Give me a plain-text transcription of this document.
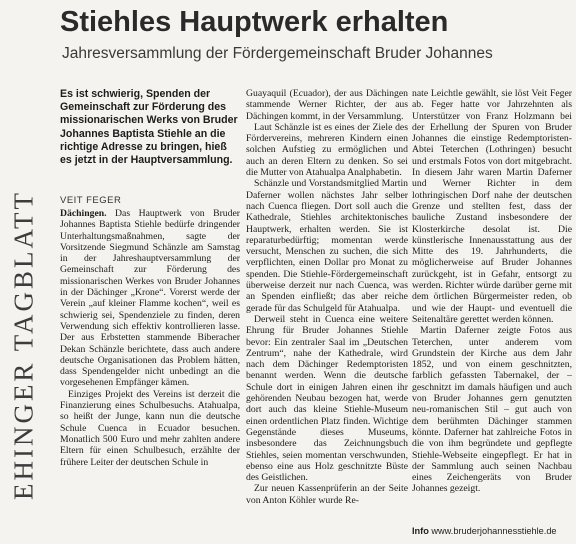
EHINGER TAGBLATT
Stiehles Hauptwerk erhalten
Jahresversammlung der Fördergemeinschaft Bruder Johannes
Es ist schwierig, Spenden der Gemeinschaft zur Förderung des missionarischen Werks von Bruder Johannes Baptista Stiehle an die richtige Adresse zu bringen, hieß es jetzt in der Hauptversammlung.
VEIT FEGER

Dächingen. Das Hauptwerk von Bruder Johannes Baptista Stiehle bedürfe dringender Unterhaltungsmaßnahmen, sagte der Vorsitzende Siegmund Schänzle am Samstag in der Jahreshauptversammlung der Gemeinschaft zur Förderung des missionarischen Werkes von Bruder Johannes in der Dächinger „Krone“. Vorerst werde der Verein „auf kleiner Flamme kochen“, weil es schwierig sei, Spendenziele zu finden, deren Verwendung sich effektiv kontrollieren lasse. Der aus Erbstetten stammende Biberacher Dekan Schänzle berichtete, dass auch andere deutsche Organisationen das Problem hätten, dass Spendengelder nicht unbedingt an die vorgesehenen Empfänger kämen.

Einziges Projekt des Vereins ist derzeit die Finanzierung eines Schulbesuchs. Atahualpa, so heißt der Junge, kann nun die deutsche Schule Cuenca in Ecuador besuchen. Monatlich 500 Euro und mehr zahlten andere Eltern für einen Schulbesuch, erzählte der frühere Leiter der deutschen Schule in

Guayaquil (Ecuador), der aus Dächingen stammende Werner Richter, der aus Dächingen kommt, in der Versammlung.

Laut Schänzle ist es eines der Ziele des Fördervereins, mehreren Kindern einen solchen Aufstieg zu ermöglichen und auch an deren Eltern zu denken. So sei die Mutter von Atahualpa Analphabetin.

Schänzle und Vorstandsmitglied Martin Daferner wollen nächstes Jahr selber nach Cuenca fliegen. Dort soll auch die Kathedrale, Stiehles architektonisches Hauptwerk, erhalten werden. Sie ist reparaturbedürftig; momentan werde versucht, Menschen zu suchen, die sich verpflichten, einen Dollar pro Monat zu spenden. Die Stiehle-Fördergemeinschaft überweise derzeit nur nach Cuenca, was an Spenden einfließt; das aber reiche gerade für das Schulgeld für Atahualpa.

Derweil steht in Cuenca eine weitere Ehrung für Bruder Johannes Stiehle bevor: Ein zentraler Saal im „Deutschen Zentrum“, nahe der Kathedrale, wird nach dem Dächinger Redemptoristen benannt werden. Wenn die deutsche Schule dort in einigen Jahren einen ihr gehörenden Neubau bezogen hat, werde dort auch das kleine Stiehle-Museum einen ordentlichen Platz finden. Wichtige Gegenstände dieses Museums, insbesondere das Zeichnungsbuch Stiehles, seien momentan verschwunden, ebenso eine aus Holz geschnitzte Büste des Geistlichen.

Zur neuen Kassenprüferin an der Seite von Anton Köhler wurde Re-

nate Leichtle gewählt, sie löst Veit Feger ab. Feger hatte vor Jahrzehnten als Unterstützer von Franz Holzmann bei der Erhellung der Spuren von Bruder Johannes die einstige Redemptoristen-Abtei Teterchen (Lothringen) besucht und erstmals Fotos von dort mitgebracht. In diesem Jahr waren Martin Daferner und Werner Richter in dem lothringischen Dorf nahe der deutschen Grenze und stellten fest, dass der bauliche Zustand insbesondere der Klosterkirche desolat ist. Die künstlerische Innenausstattung aus der Mitte des 19. Jahrhunderts, die möglicherweise auf Bruder Johannes zurückgeht, ist in Gefahr, entsorgt zu werden. Richter würde darüber gerne mit dem örtlichen Bürgermeister reden, ob und wie der Haupt- und eventuell die Seitenaltäre gerettet werden können.

Martin Daferner zeigte Fotos aus Teterchen, unter anderem vom Grundstein der Kirche aus dem Jahr 1852, und von einem geschnitzten, farblich gefassten Tabernakel, der – geschnitzt im damals häufigen und auch von Bruder Johannes gern genutzten neu-romanischen Stil – gut auch von dem berühmten Dächinger stammen könnte. Daferner hat zahlreiche Fotos in die von ihm begründete und gepflegte Stiehle-Webseite eingepflegt. Er hat in der Sammlung auch seinen Nachbau eines Zeichengeräts von Bruder Johannes gezeigt.

Info www.bruderjohannesstiehle.de
